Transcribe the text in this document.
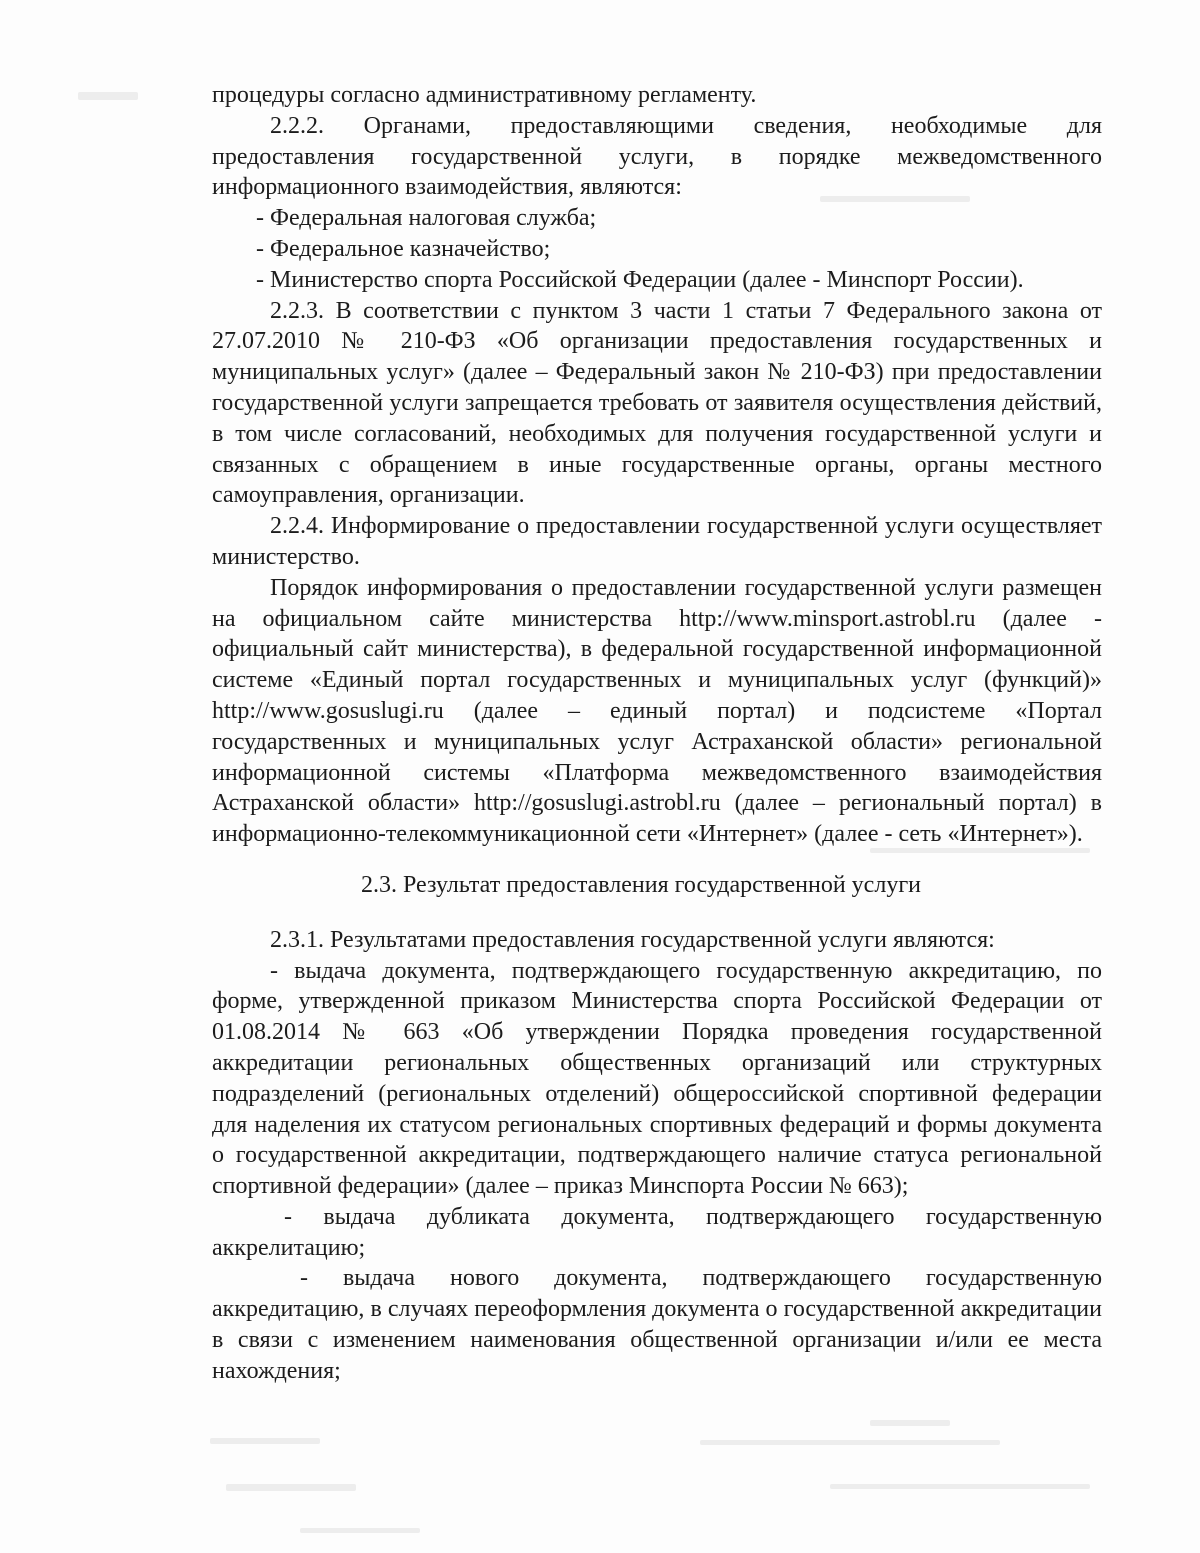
процедуры согласно административному регламенту.

2.2.2. Органами, предоставляющими сведения, необходимые для предоставления государственной услуги, в порядке межведомственного информационного взаимодействия, являются:

- Федеральная налоговая служба;

- Федеральное казначейство;

- Министерство спорта Российской Федерации (далее - Минспорт России).

2.2.3. В соответствии с пунктом 3 части 1 статьи 7 Федерального закона от 27.07.2010 № 210-ФЗ «Об организации предоставления государственных и муниципальных услуг» (далее – Федеральный закон № 210-ФЗ) при предоставлении государственной услуги запрещается требовать от заявителя осуществления действий, в том числе согласований, необходимых для получения государственной услуги и связанных с обращением в иные государственные органы, органы местного самоуправления, организации.

2.2.4. Информирование о предоставлении государственной услуги осуществляет министерство.

Порядок информирования о предоставлении государственной услуги размещен на официальном сайте министерства http://www.minsport.astrobl.ru (далее - официальный сайт министерства), в федеральной государственной информационной системе «Единый портал государственных и муниципальных услуг (функций)» http://www.gosuslugi.ru (далее – единый портал) и подсистеме «Портал государственных и муниципальных услуг Астраханской области» региональной информационной системы «Платформа межведомственного взаимодействия Астраханской области» http://gosuslugi.astrobl.ru (далее – региональный портал) в информационно-телекоммуникационной сети «Интернет» (далее - сеть «Интернет»).

2.3. Результат предоставления государственной услуги

2.3.1. Результатами предоставления государственной услуги являются:

- выдача документа, подтверждающего государственную аккредитацию, по форме, утвержденной приказом Министерства спорта Российской Федерации от 01.08.2014 № 663 «Об утверждении Порядка проведения государственной аккредитации региональных общественных организаций или структурных подразделений (региональных отделений) общероссийской спортивной федерации для наделения их статусом региональных спортивных федераций и формы документа о государственной аккредитации, подтверждающего наличие статуса региональной спортивной федерации» (далее – приказ Минспорта России № 663);

- выдача дубликата документа, подтверждающего государственную аккрелитацию;

- выдача нового документа, подтверждающего государственную аккредитацию, в случаях переоформления документа о государственной аккредитации в связи с изменением наименования общественной организации и/или ее места нахождения;
